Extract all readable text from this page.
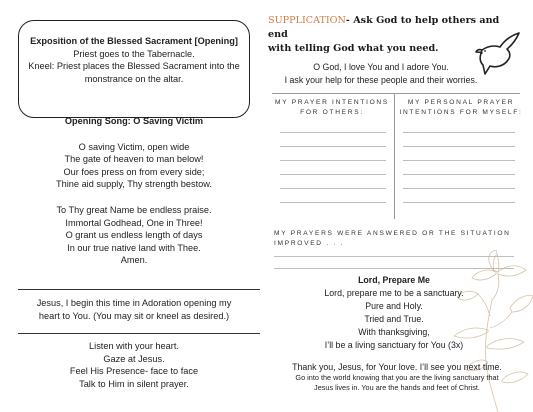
Exposition of the Blessed Sacrament [Opening]
Priest goes to the Tabernacle.
Kneel: Priest places the Blessed Sacrament into the
monstrance on the altar.
Opening Song: O Saving Victim
O saving Victim, open wide
The gate of heaven to man below!
Our foes press on from every side;
Thine aid supply, Thy strength bestow.
To Thy great Name be endless praise.
Immortal Godhead, One in Three!
O grant us endless length of days
In our true native land with Thee.
Amen.
Jesus, I begin this time in Adoration opening my
heart to You. (You may sit or kneel as desired.)
Listen with your heart.
Gaze at Jesus.
Feel His Presence- face to face
Talk to Him in silent prayer.
SUPPLICATION- Ask God to help others and end
with telling God what you need.
O God, I love You and I adore You.
I ask your help for these people and their worries.
MY PRAYER INTENTIONS
FOR OTHERS:
MY PERSONAL PRAYER
INTENTIONS FOR MYSELF:
MY PRAYERS WERE ANSWERED OR THE SITUATION
IMPROVED . . .
Lord, Prepare Me
Lord, prepare me to be a sanctuary.
Pure and Holy.
Tried and True.
With thanksgiving,
I’ll be a living sanctuary for You (3x)
Thank you, Jesus, for Your love. I’ll see you next time.
Go into the world knowing that you are the living sanctuary that
Jesus lives in. You are the hands and feet of Christ.
